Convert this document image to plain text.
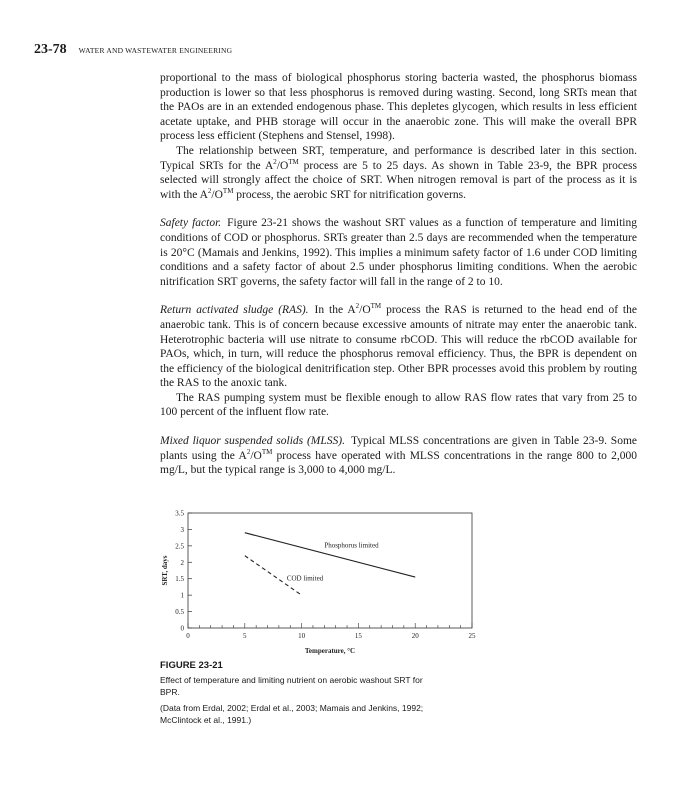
23-78 WATER AND WASTEWATER ENGINEERING

proportional to the mass of biological phosphorus storing bacteria wasted, the phosphorus biomass production is lower so that less phosphorus is removed during wasting. Second, long SRTs mean that the PAOs are in an extended endogenous phase. This depletes glycogen, which results in less efficient acetate uptake, and PHB storage will occur in the anaerobic zone. This will make the overall BPR process less efficient (Stephens and Stensel, 1998).

The relationship between SRT, temperature, and performance is described later in this section. Typical SRTs for the $A^2/O™$ process are 5 to 25 days. As shown in Table 23-9, the BPR process selected will strongly affect the choice of SRT. When nitrogen removal is part of the process as it is with the $A^2/O™$ process, the aerobic SRT for nitrification governs.

Safety factor. Figure 23-21 shows the washout SRT values as a function of temperature and limiting conditions of COD or phosphorus. SRTs greater than 2.5 days are recommended when the temperature is 20°C (Mamais and Jenkins, 1992). This implies a minimum safety factor of 1.6 under COD limiting conditions and a safety factor of about 2.5 under phosphorus limiting conditions. When the aerobic nitrification SRT governs, the safety factor will fall in the range of 2 to 10.

Return activated sludge (RAS). In the $A^2/O™$ process the RAS is returned to the head end of the anaerobic tank. This is of concern because excessive amounts of nitrate may enter the anaerobic tank. Heterotrophic bacteria will use nitrate to consume rbCOD. This will reduce the rbCOD available for PAOs, which, in turn, will reduce the phosphorus removal efficiency. Thus, the BPR is dependent on the efficiency of the biological denitrification step. Other BPR processes avoid this problem by routing the RAS to the anoxic tank.

The RAS pumping system must be flexible enough to allow RAS flow rates that vary from 25 to 100 percent of the influent flow rate.

Mixed liquor suspended solids (MLSS). Typical MLSS concentrations are given in Table 23-9. Some plants using the $A^2/O™$ process have operated with MLSS concentrations in the range 800 to 2,000 mg/L, but the typical range is 3,000 to 4,000 mg/L.

0
0.5
1
1.5
2
2.5
3
3.5
0	5	10	15	20	25
Temperature, °C
SRT, days
Phosphorus limited
COD limited
FIGURE 23-21

Effect of temperature and limiting nutrient on aerobic washout SRT for BPR.

(Data from Erdal, 2002; Erdal et al., 2003; Mamais and Jenkins, 1992; McClintock et al., 1991.)
